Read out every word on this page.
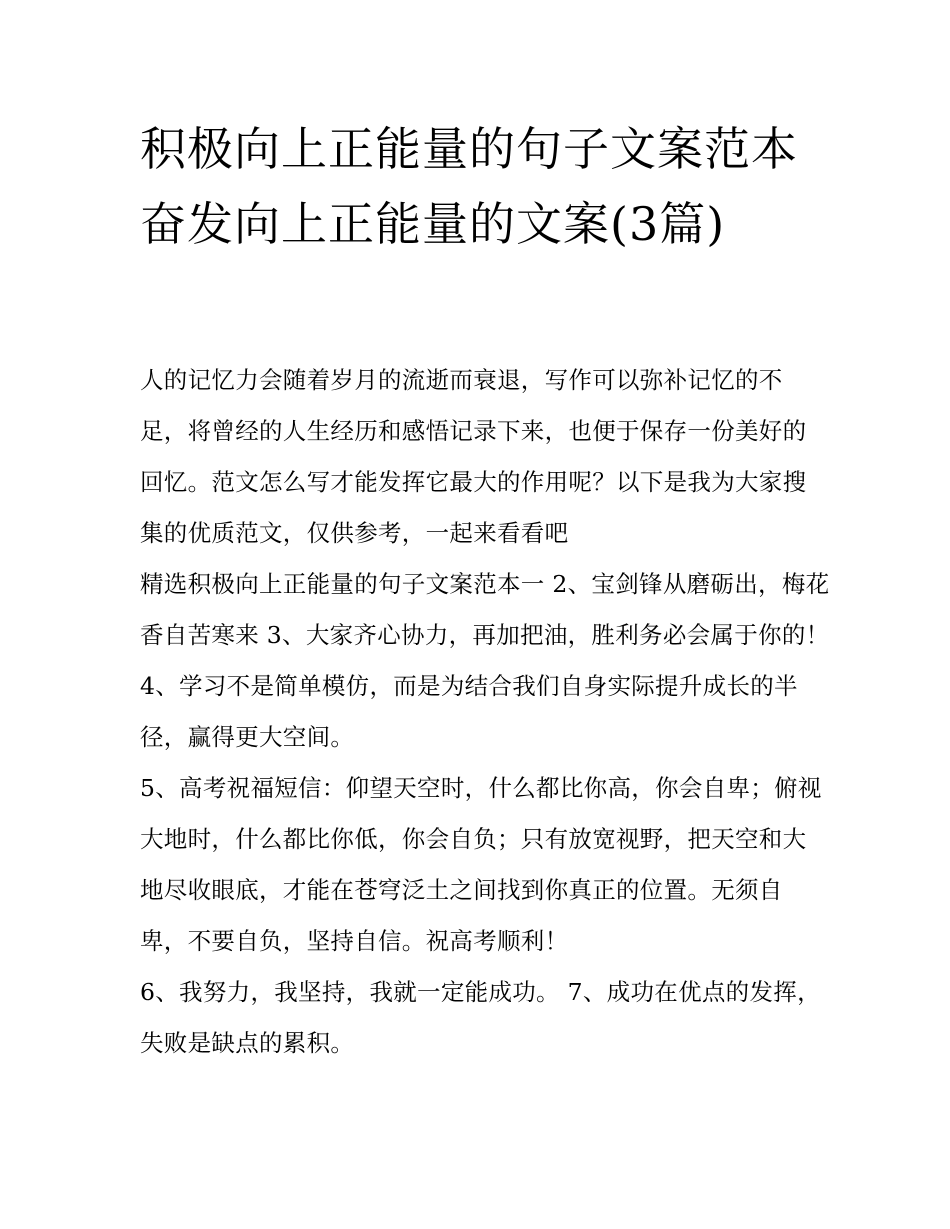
积极向上正能量的句子文案范本 奋发向上正能量的文案(3篇)

人的记忆力会随着岁月的流逝而衰退，写作可以弥补记忆的不足，将曾经的人生经历和感悟记录下来，也便于保存一份美好的回忆。范文怎么写才能发挥它最大的作用呢？以下是我为大家搜集的优质范文，仅供参考，一起来看看吧

精选积极向上正能量的句子文案范本一 2、宝剑锋从磨砺出，梅花香自苦寒来 3、大家齐心协力，再加把油，胜利务必会属于你的！

4、学习不是简单模仿，而是为结合我们自身实际提升成长的半径，赢得更大空间。

5、高考祝福短信：仰望天空时，什么都比你高，你会自卑；俯视大地时，什么都比你低，你会自负；只有放宽视野，把天空和大地尽收眼底，才能在苍穹泛土之间找到你真正的位置。无须自卑，不要自负，坚持自信。祝高考顺利！

6、我努力，我坚持，我就一定能成功。 7、成功在优点的发挥，失败是缺点的累积。
